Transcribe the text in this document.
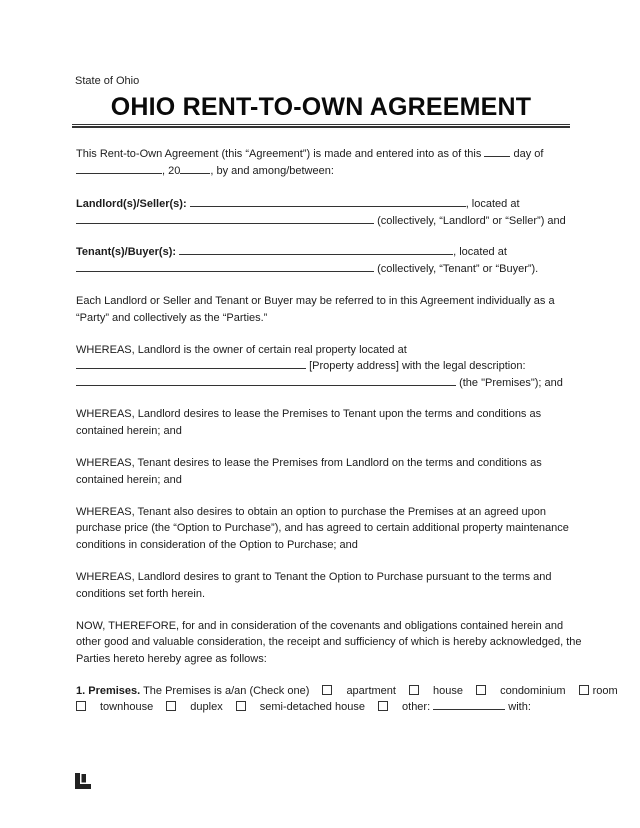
State of Ohio
OHIO RENT-TO-OWN AGREEMENT
This Rent-to-Own Agreement (this “Agreement”) is made and entered into as of this	day of
, 20	, by and among/between:
Landlord(s)/Seller(s):	, located at
(collectively, “Landlord” or “Seller”) and
Tenant(s)/Buyer(s):	, located at
(collectively, “Tenant” or “Buyer”).
Each Landlord or Seller and Tenant or Buyer may be referred to in this Agreement individually as a
“Party” and collectively as the “Parties.”
WHEREAS, Landlord is the owner of certain real property located at
[Property address] with the legal description:
(the "Premises"); and
WHEREAS, Landlord desires to lease the Premises to Tenant upon the terms and conditions as
contained herein; and
WHEREAS, Tenant desires to lease the Premises from Landlord on the terms and conditions as
contained herein; and
WHEREAS, Tenant also desires to obtain an option to purchase the Premises at an agreed upon
purchase price (the “Option to Purchase”), and has agreed to certain additional property maintenance
conditions in consideration of the Option to Purchase; and
WHEREAS, Landlord desires to grant to Tenant the Option to Purchase pursuant to the terms and
conditions set forth herein.
NOW, THEREFORE, for and in consideration of the covenants and obligations contained herein and
other good and valuable consideration, the receipt and sufficiency of which is hereby acknowledged, the
Parties hereto hereby agree as follows:
1. Premises. The Premises is a/an (Check one)	apartment	house	condominium room
townhouse	duplex	semi-detached house	other:	with:
